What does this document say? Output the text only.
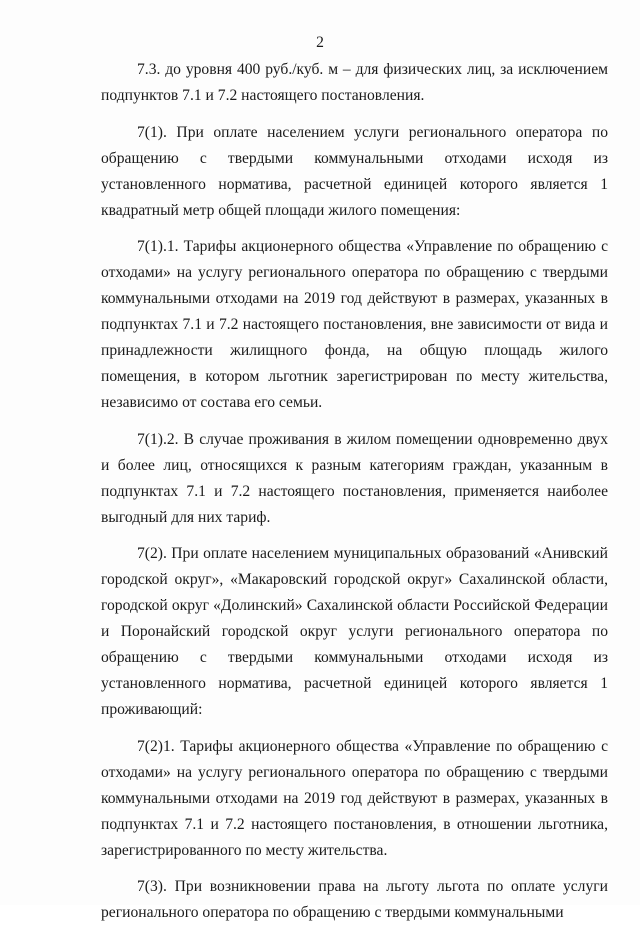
2

7.3. до уровня 400 руб./куб. м – для физических лиц, за исключением подпунктов 7.1 и 7.2 настоящего постановления.

7(1). При оплате населением услуги регионального оператора по обращению с твердыми коммунальными отходами исходя из установленного норматива, расчетной единицей которого является 1 квадратный метр общей площади жилого помещения:

7(1).1. Тарифы акционерного общества «Управление по обращению с отходами» на услугу регионального оператора по обращению с твердыми коммунальными отходами на 2019 год действуют в размерах, указанных в подпунктах 7.1 и 7.2 настоящего постановления, вне зависимости от вида и принадлежности жилищного фонда, на общую площадь жилого помещения, в котором льготник зарегистрирован по месту жительства, независимо от состава его семьи.

7(1).2. В случае проживания в жилом помещении одновременно двух и более лиц, относящихся к разным категориям граждан, указанным в подпунктах 7.1 и 7.2 настоящего постановления, применяется наиболее выгодный для них тариф.

7(2). При оплате населением муниципальных образований «Анивский городской округ», «Макаровский городской округ» Сахалинской области, городской округ «Долинский» Сахалинской области Российской Федерации и Поронайский городской округ услуги регионального оператора по обращению с твердыми коммунальными отходами исходя из установленного норматива, расчетной единицей которого является 1 проживающий:

7(2)1. Тарифы акционерного общества «Управление по обращению с отходами» на услугу регионального оператора по обращению с твердыми коммунальными отходами на 2019 год действуют в размерах, указанных в подпунктах 7.1 и 7.2 настоящего постановления, в отношении льготника, зарегистрированного по месту жительства.

7(3). При возникновении права на льготу льгота по оплате услуги регионального оператора по обращению с твердыми коммунальными
